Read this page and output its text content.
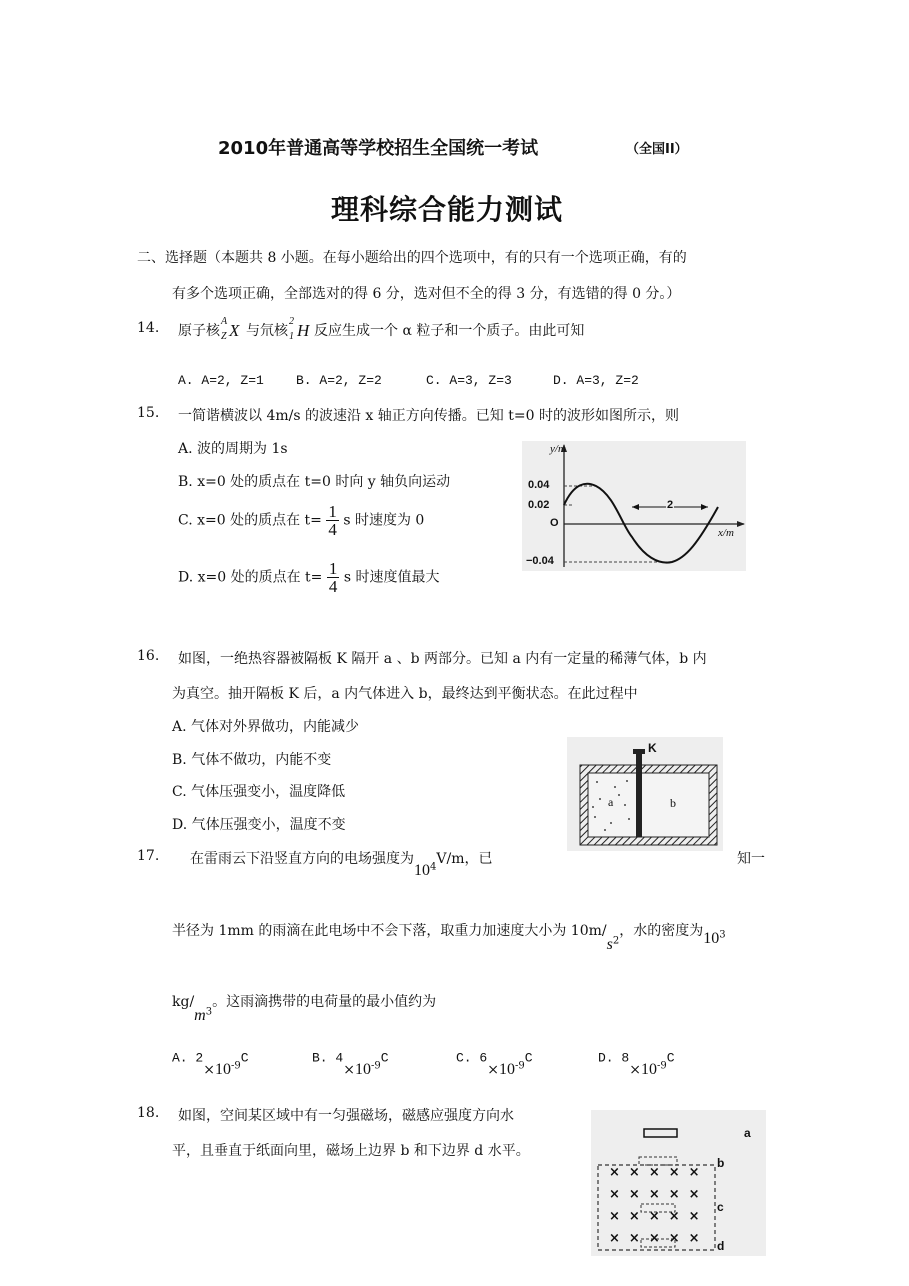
2010年普通高等学校招生全国统一考试	（全国II）
理科综合能力测试
二、选择题（本题共 8 小题。在每小题给出的四个选项中，有的只有一个选项正确，有的
有多个选项正确，全部选对的得 6 分，选对但不全的得 3 分，有选错的得 0 分。）
14. 原子核
A
Z X 与氘核
2
1 H 反应生成一个 α 粒子和一个质子。由此可知
A. A=2, Z=1 B. A=2, Z=2	C. A=3, Z=3	D. A=3, Z=2
15. 一简谐横波以 4m/s 的波速沿 x 轴正方向传播。已知 t=0 时的波形如图所示，则
A. 波的周期为 1s
B. x=0 处的质点在 t=0 时向 y 轴负向运动
C. x=0 处的质点在 $t= \frac{1}{4}$ s 时速度为 0
D. x=0 处的质点在 $t= \frac{1}{4}$ s 时速度值最大
y/m
x/m
0.04
0.02
O
−0.04
2
16. 如图，一绝热容器被隔板 K 隔开 a 、b 两部分。已知 a 内有一定量的稀薄气体，b 内
为真空。抽开隔板 K 后，a 内气体进入 b，最终达到平衡状态。在此过程中
A. 气体对外界做功，内能减少
B. 气体不做功，内能不变
C. 气体压强变小，温度降低
D. 气体压强变小，温度不变
K
a	b
17. 在雷雨云下沿竖直方向的电场强度为$10^4V/m$，已	知一
半径为 1mm 的雨滴在此电场中不会下落，取重力加速度大小为 $10m/s^2$，水的密度为$10^3$
$kg/m^3$。这雨滴携带的电荷量的最小值约为
A. $2\times 10^{-9}C$	B. $4\times 10^{-9}C$	C. $6\times 10^{-9}C$	D. $8\times 10^{-9}C$
18. 如图，空间某区域中有一匀强磁场，磁感应强度方向水
平，且垂直于纸面向里，磁场上边界 b 和下边界 d 水平。
×××××
×××××
×××××
×××××
a
b
c
d
